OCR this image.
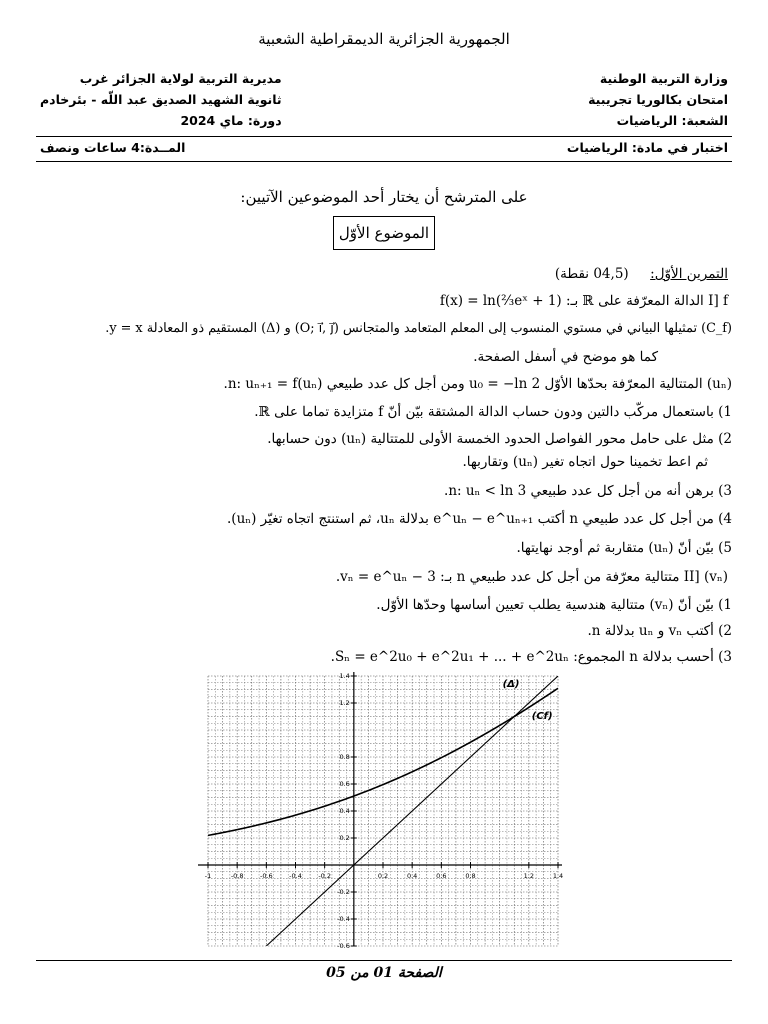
الجمهورية الجزائرية الديمقراطية الشعبية
وزارة التربية الوطنية
امتحان بكالوريا تجريبية
الشعبة: الرياضيات
مديرية التربية لولاية الجزائر غرب
ثانوية الشهيد الصديق عبد اللّه - بئرخادم
دورة: ماي 2024
اختبار في مادة: الرياضيات
المــدة:4 ساعات ونصف
على المترشح أن يختار أحد الموضوعين الآتيين:
الموضوع الأوّل
التمرين الأوّل:     (04,5 نقطة)
I] f الدالة المعرّفة على ℝ بـ: f(x) = ln(⅔eˣ + 1)
(C_f) تمثيلها البياني في مستوي المنسوب إلى المعلم المتعامد والمتجانس (O; i⃗, j⃗) و (Δ) المستقيم ذو المعادلة y = x.
كما هو موضح في أسفل الصفحة.
(uₙ) المتتالية المعرّفة بحدّها الأوّل u₀ = −ln 2 ومن أجل كل عدد طبيعي n: uₙ₊₁ = f(uₙ).
1) باستعمال مركّب دالتين ودون حساب الدالة المشتقة بيّن أنّ f متزايدة تماما على ℝ.
2) مثل على حامل محور الفواصل الحدود الخمسة الأولى للمتتالية (uₙ) دون حسابها.
ثم اعط تخمينا حول اتجاه تغير (uₙ) وتقاربها.
3) برهن أنه من أجل كل عدد طبيعي n: uₙ < ln 3.
4) من أجل كل عدد طبيعي n أكتب e^uₙ − e^uₙ₊₁ بدلالة uₙ، ثم استنتج اتجاه تغيّر (uₙ).
5) بيّن أنّ (uₙ) متقاربة ثم أوجد نهايتها.
II] (vₙ) متتالية معرّفة من أجل كل عدد طبيعي n بـ: vₙ = e^uₙ − 3.
1) بيّن أنّ (vₙ) متتالية هندسية يطلب تعيين أساسها وحدّها الأوّل.
2) أكتب vₙ و uₙ بدلالة n.
3) أحسب بدلالة n المجموع: Sₙ = e^2u₀ + e^2u₁ + ... + e^2uₙ.
-1	-0.8	-0.6	-0.4	-0.2	0.2	0.4	0.6	0.8	1.2	1.4
1.4
1.2
0.8
0.6
0.4
0.2
-0.2
-0.4
-0.6
(Δ)
(Cf)
الصفحة 01 من 05
